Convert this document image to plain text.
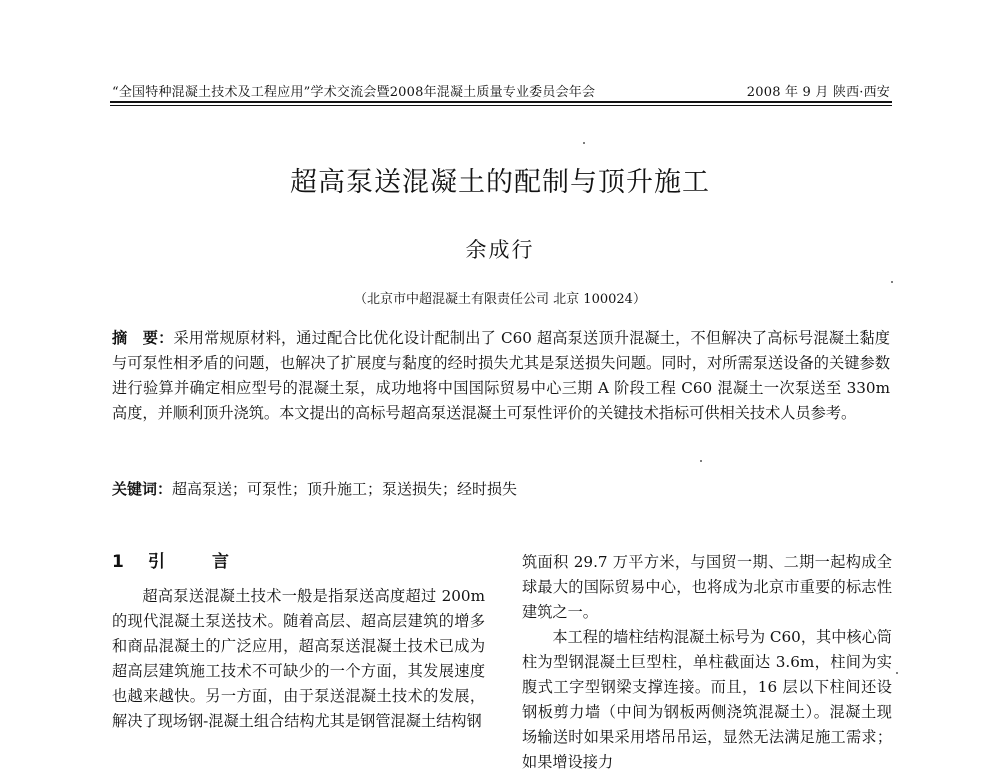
“全国特种混凝土技术及工程应用”学术交流会暨2008年混凝土质量专业委员会年会	2008 年 9 月 陕西·西安
超高泵送混凝土的配制与顶升施工
余成行
（北京市中超混凝土有限责任公司 北京 100024）

摘　要：采用常规原材料，通过配合比优化设计配制出了 C60 超高泵送顶升混凝土，不但解决了高标号混凝土黏度与可泵性相矛盾的问题，也解决了扩展度与黏度的经时损失尤其是泵送损失问题。同时，对所需泵送设备的关键参数进行验算并确定相应型号的混凝土泵，成功地将中国国际贸易中心三期 A 阶段工程 C60 混凝土一次泵送至 330m 高度，并顺利顶升浇筑。本文提出的高标号超高泵送混凝土可泵性评价的关键技术指标可供相关技术人员参考。

关键词：超高泵送；可泵性；顶升施工；泵送损失；经时损失

1 引	言

超高泵送混凝土技术一般是指泵送高度超过 200m 的现代混凝土泵送技术。随着高层、超高层建筑的增多和商品混凝土的广泛应用，超高泵送混凝土技术已成为超高层建筑施工技术不可缺少的一个方面，其发展速度也越来越快。另一方面，由于泵送混凝土技术的发展，解决了现场钢-混凝土组合结构尤其是钢管混凝土结构钢

筑面积 29.7 万平方米，与国贸一期、二期一起构成全球最大的国际贸易中心，也将成为北京市重要的标志性建筑之一。

本工程的墙柱结构混凝土标号为 C60，其中核心筒柱为型钢混凝土巨型柱，单柱截面达 3.6m，柱间为实腹式工字型钢梁支撑连接。而且，16 层以下柱间还设钢板剪力墙（中间为钢板两侧浇筑混凝土）。混凝土现场输送时如果采用塔吊吊运，显然无法满足施工需求；如果增设接力
